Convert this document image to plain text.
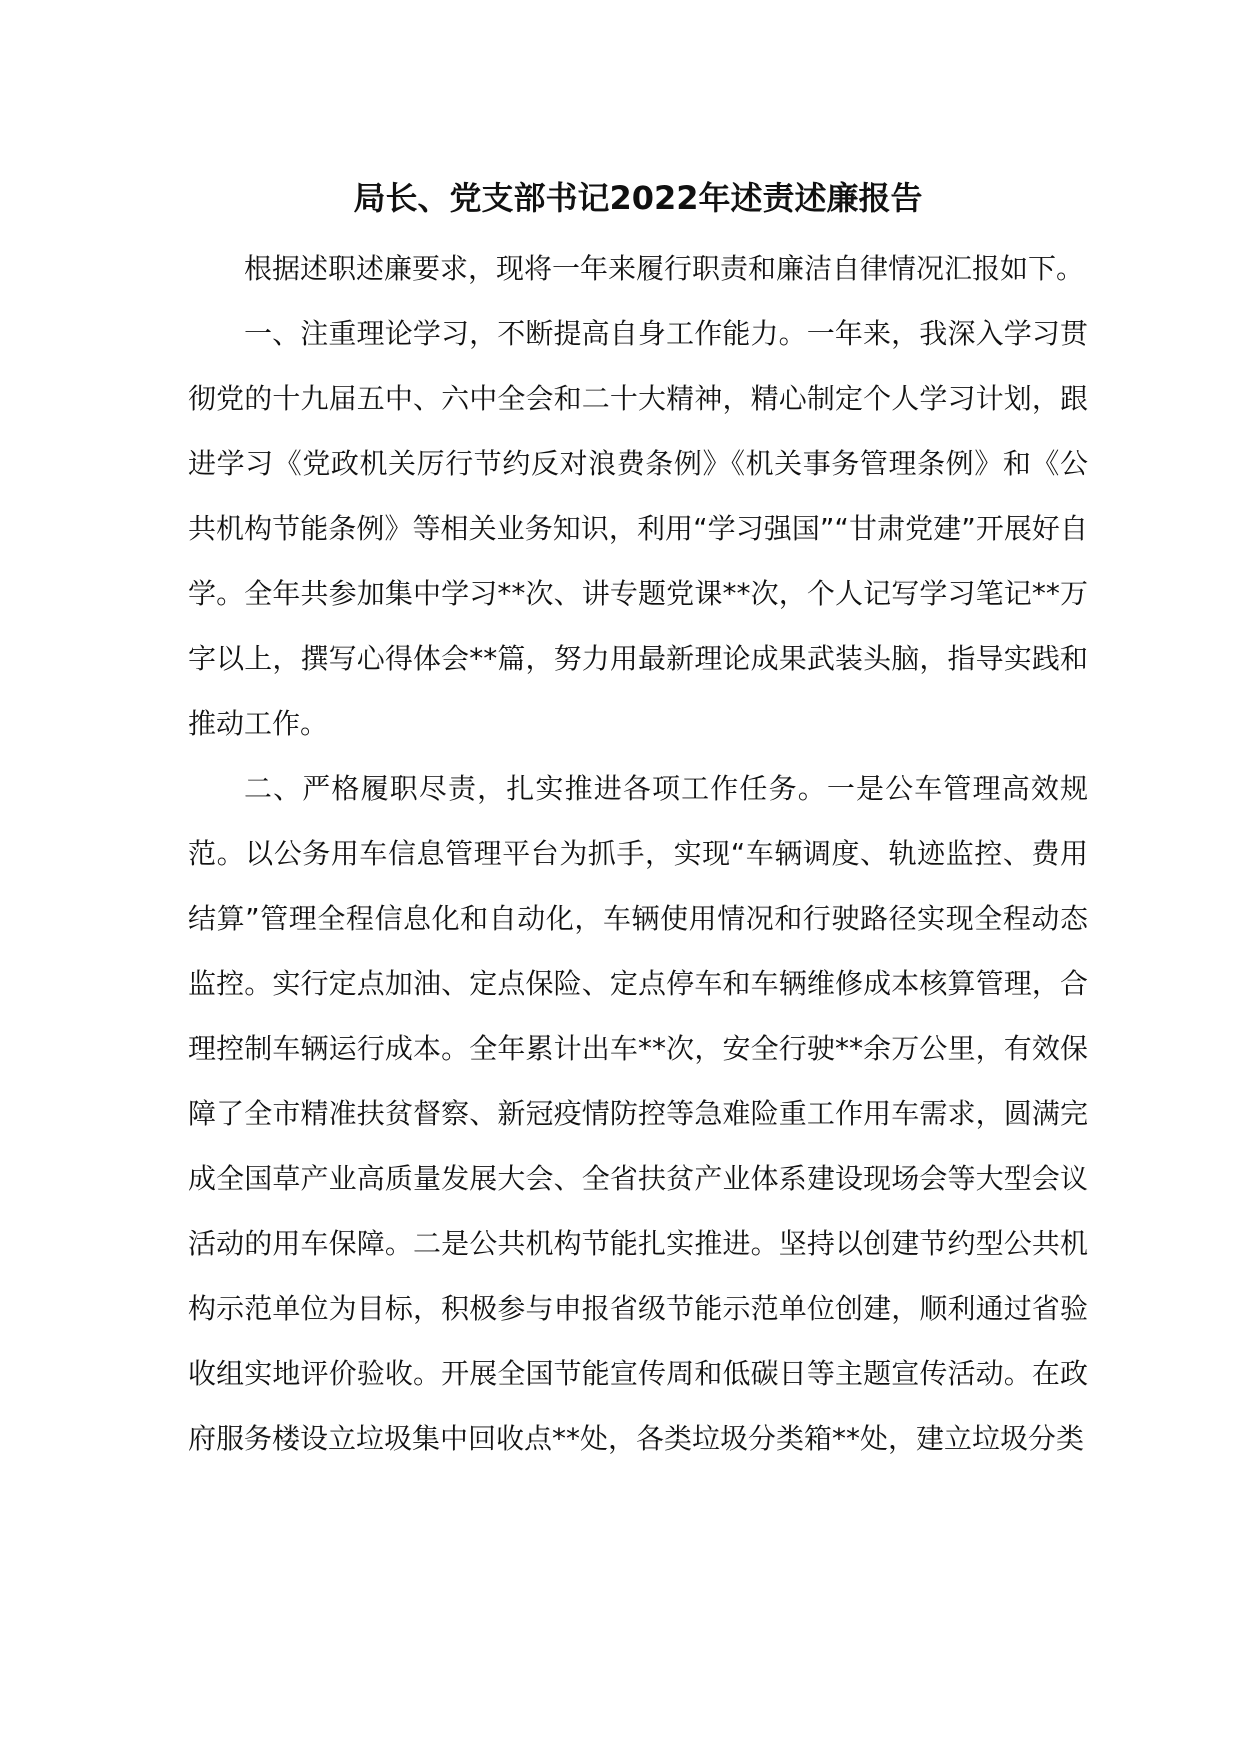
局长、党支部书记2022年述责述廉报告

根据述职述廉要求，现将一年来履行职责和廉洁自律情况汇报如下。

一、注重理论学习，不断提高自身工作能力。一年来，我深入学习贯彻党的十九届五中、六中全会和二十大精神，精心制定个人学习计划，跟进学习《党政机关厉行节约反对浪费条例》《机关事务管理条例》和《公共机构节能条例》等相关业务知识，利用“学习强国”“甘肃党建”开展好自学。全年共参加集中学习**次、讲专题党课**次，个人记写学习笔记**万字以上，撰写心得体会**篇，努力用最新理论成果武装头脑，指导实践和推动工作。

二、严格履职尽责，扎实推进各项工作任务。一是公车管理高效规范。以公务用车信息管理平台为抓手，实现“车辆调度、轨迹监控、费用结算”管理全程信息化和自动化，车辆使用情况和行驶路径实现全程动态监控。实行定点加油、定点保险、定点停车和车辆维修成本核算管理，合理控制车辆运行成本。全年累计出车**次，安全行驶**余万公里，有效保障了全市精准扶贫督察、新冠疫情防控等急难险重工作用车需求，圆满完成全国草产业高质量发展大会、全省扶贫产业体系建设现场会等大型会议活动的用车保障。二是公共机构节能扎实推进。坚持以创建节约型公共机构示范单位为目标，积极参与申报省级节能示范单位创建，顺利通过省验收组实地评价验收。开展全国节能宣传周和低碳日等主题宣传活动。在政府服务楼设立垃圾集中回收点**处，各类垃圾分类箱**处，建立垃圾分类
